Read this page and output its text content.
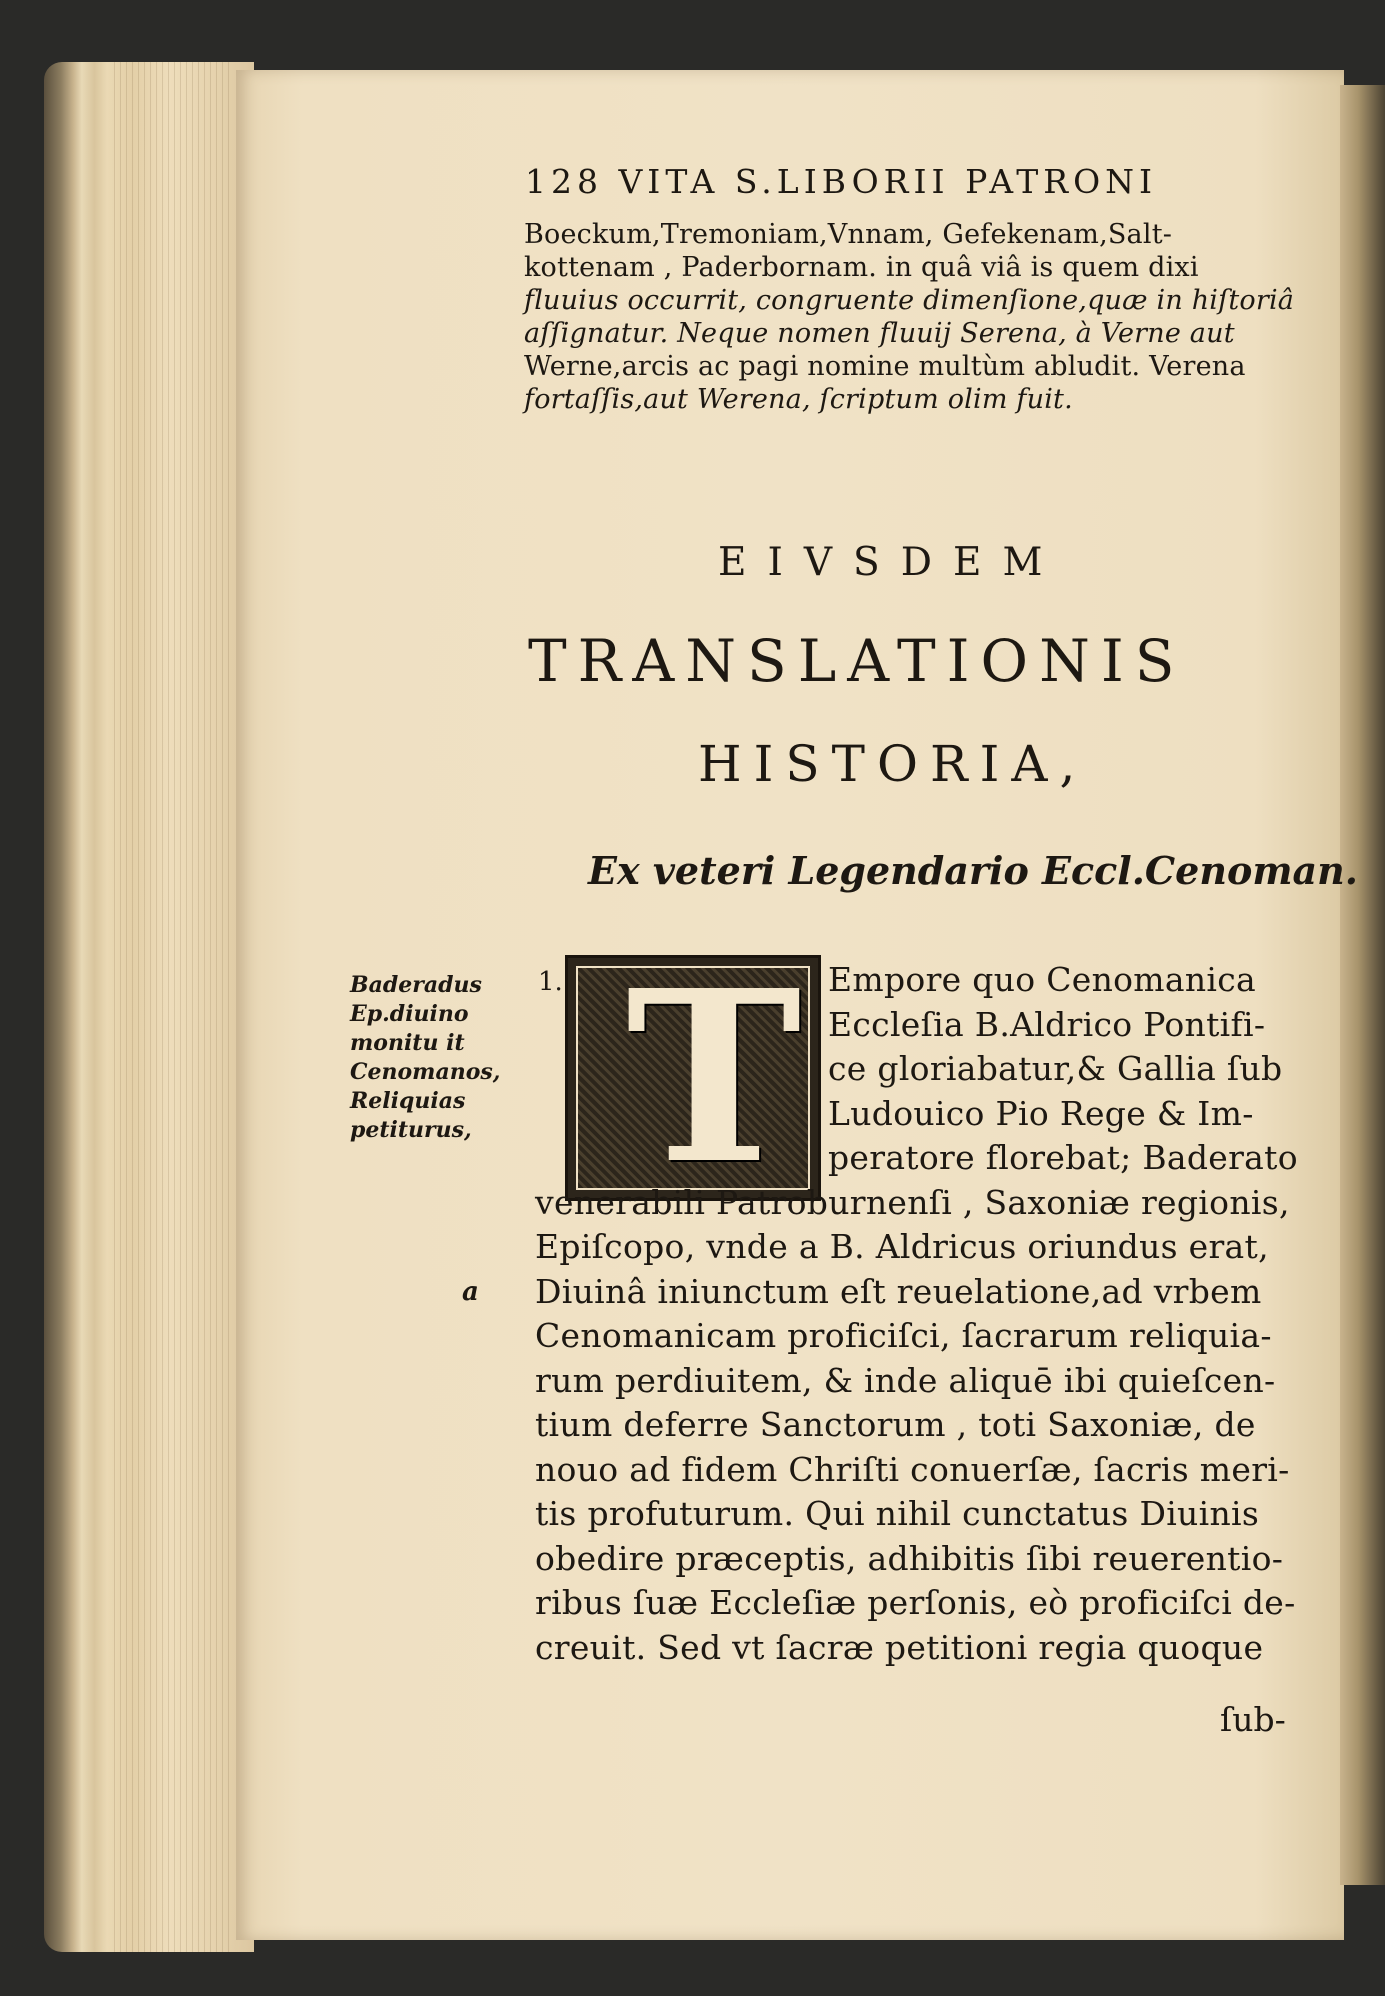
128 VITA S.LIBORII PATRONI
Boeckum,Tremoniam,Vnnam, Gefekenam,Salt-
kottenam , Paderbornam. in quâ viâ is quem dixi
fluuius occurrit, congruente dimenſione,quæ in hiſtoriâ
aſſignatur. Neque nomen fluuij Serena, à Verne aut
Werne,arcis ac pagi nomine multùm abludit. Verena
fortaſſis,aut Werena, ſcriptum olim fuit.
EIVSDEM
TRANSLATIONIS
HISTORIA,
Ex veteri Legendario Eccl.Cenoman.
Baderadus
Ep.diuino
monitu it
Cenomanos,
Reliquias
petiturus,
1. T Empore quo Cenomanica
Eccleſia B.Aldrico Pontifi-
ce gloriabatur,& Gallia ſub
Ludouico Pio Rege & Im-
peratore florebat; Baderato
venerabili Patroburnenſi , Saxoniæ regionis,
Epiſcopo, vnde a B. Aldricus oriundus erat,
Diuinâ iniunctum eſt reuelatione,ad vrbem
Cenomanicam proficiſci, ſacrarum reliquia-
rum perdiuitem, & inde aliquē ibi quieſcen-
tium deferre Sanctorum , toti Saxoniæ, de
nouo ad fidem Chriſti conuerſæ, ſacris meri-
tis profuturum. Qui nihil cunctatus Diuinis
obedire præceptis, adhibitis ſibi reuerentio-
ribus ſuæ Eccleſiæ perſonis, eò proficiſci de-
creuit. Sed vt ſacræ petitioni regia quoque
a
ſub-
